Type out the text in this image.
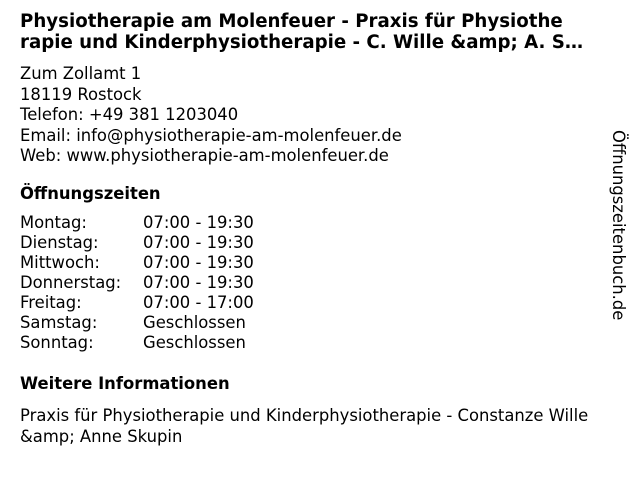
Physiotherapie am Molenfeuer - Praxis für Physiothe
rapie und Kinderphysiotherapie - C. Wille &amp; A. S…
Zum Zollamt 1
18119 Rostock
Telefon: +49 381 1203040
Email: info@physiotherapie-am-molenfeuer.de
Web: www.physiotherapie-am-molenfeuer.de
Öffnungszeiten
Montag:	07:00 - 19:30
Dienstag:	07:00 - 19:30
Mittwoch:	07:00 - 19:30
Donnerstag: 07:00 - 19:30
Freitag:	07:00 - 17:00
Samstag:	Geschlossen
Sonntag:	Geschlossen
Weitere Informationen
Praxis für Physiotherapie und Kinderphysiotherapie - Constanze Wille
&amp; Anne Skupin
Öffnungszeitenbuch.de
